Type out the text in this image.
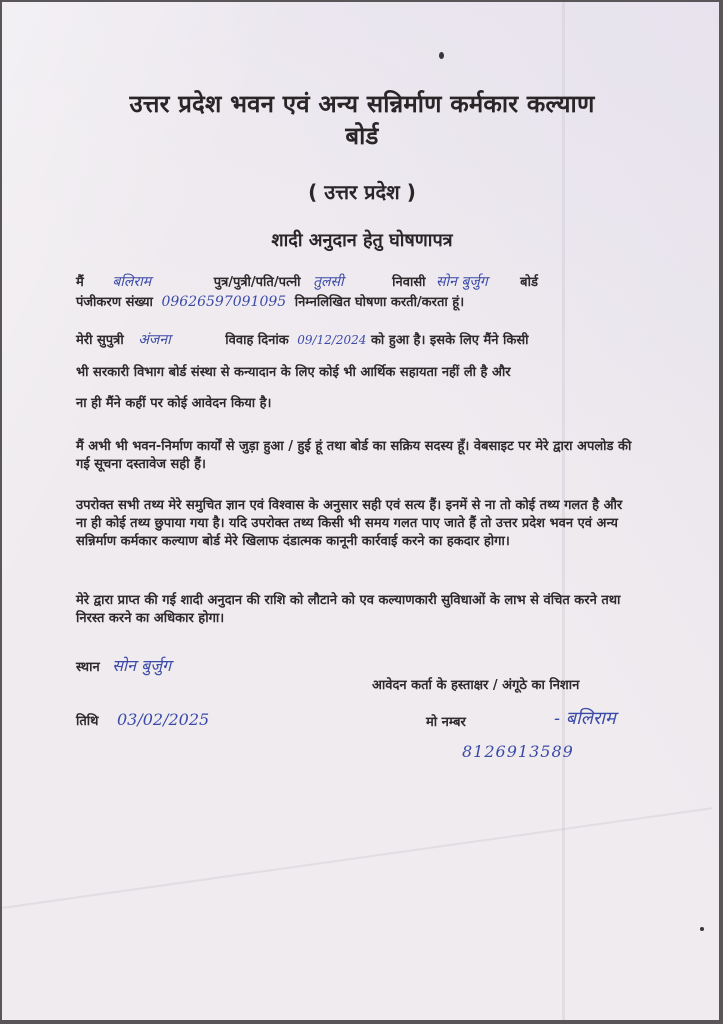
उत्तर प्रदेश भवन एवं अन्य सन्निर्माण कर्मकार कल्याण
बोर्ड
( उत्तर प्रदेश )
शादी अनुदान हेतु घोषणापत्र
मैं बलिराम	पुत्र/पुत्री/पति/पत्नी तुलसी	निवासी सोन बुर्जुग	बोर्ड
पंजीकरण संख्या 09626597091095 निम्नलिखित घोषणा करती/करता हूं।
मेरी सुपुत्री अंजना	विवाह दिनांक 09/12/2024 को हुआ है। इसके लिए मैंने किसी
भी सरकारी विभाग बोर्ड संस्था से कन्यादान के लिए कोई भी आर्थिक सहायता नहीं ली है और
ना ही मैंने कहीं पर कोई आवेदन किया है।
मैं अभी भी भवन-निर्माण कार्यों से जुड़ा हुआ / हुई हूं तथा बोर्ड का सक्रिय सदस्य हूँ। वेबसाइट पर मेरे द्वारा अपलोड की गई सूचना दस्तावेज सही हैं।
उपरोक्त सभी तथ्य मेरे समुचित ज्ञान एवं विश्वास के अनुसार सही एवं सत्य हैं। इनमें से ना तो कोई तथ्य गलत है और ना ही कोई तथ्य छुपाया गया है। यदि उपरोक्त तथ्य किसी भी समय गलत पाए जाते हैं तो उत्तर प्रदेश भवन एवं अन्य सन्निर्माण कर्मकार कल्याण बोर्ड मेरे खिलाफ दंडात्मक कानूनी कार्रवाई करने का हकदार होगा।
मेरे द्वारा प्राप्त की गई शादी अनुदान की राशि को लौटाने को एव कल्याणकारी सुविधाओं के लाभ से वंचित करने तथा निरस्त करने का अधिकार होगा।
स्थान सोन बुर्जुग
आवेदन कर्ता के हस्ताक्षर / अंगूठे का निशान
तिथि 03/02/2025	मो नम्बर	- बलिराम
8126913589
